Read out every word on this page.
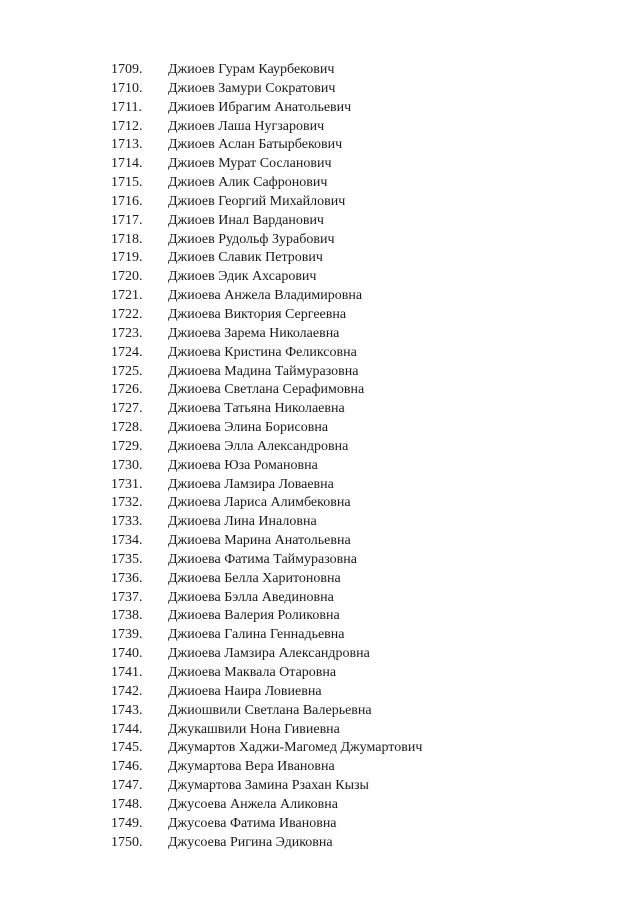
1709.	Джиоев Гурам Каурбекович
1710.	Джиоев Замури Сократович
1711.	Джиоев Ибрагим Анатольевич
1712.	Джиоев Лаша Нугзарович
1713.	Джиоев Аслан Батырбекович
1714.	Джиоев Мурат Сосланович
1715.	Джиоев Алик Сафронович
1716.	Джиоев Георгий Михайлович
1717.	Джиоев Инал Варданович
1718.	Джиоев Рудольф Зурабович
1719.	Джиоев Славик Петрович
1720.	Джиоев Эдик Ахсарович
1721.	Джиоева Анжела Владимировна
1722.	Джиоева Виктория Сергеевна
1723.	Джиоева Зарема Николаевна
1724.	Джиоева Кристина Феликсовна
1725.	Джиоева Мадина Таймуразовна
1726.	Джиоева Светлана Серафимовна
1727.	Джиоева Татьяна Николаевна
1728.	Джиоева Элина Борисовна
1729.	Джиоева Элла Александровна
1730.	Джиоева Юза Романовна
1731.	Джиоева Ламзира Ловаевна
1732.	Джиоева Лариса Алимбековна
1733.	Джиоева Лина Иналовна
1734.	Джиоева Марина Анатольевна
1735.	Джиоева Фатима Таймуразовна
1736.	Джиоева Белла Харитоновна
1737.	Джиоева Бэлла Авединовна
1738.	Джиоева Валерия Роликовна
1739.	Джиоева Галина Геннадьевна
1740.	Джиоева Ламзира Александровна
1741.	Джиоева Маквала Отаровна
1742.	Джиоева Наира Ловиевна
1743.	Джиошвили Светлана Валерьевна
1744.	Джукашвили Нона Гивиевна
1745.	Джумартов Хаджи-Магомед Джумартович
1746.	Джумартова Вера Ивановна
1747.	Джумартова Замина Рзахан Кызы
1748.	Джусоева Анжела Аликовна
1749.	Джусоева Фатима Ивановна
1750.	Джусоева Ригина Эдиковна
